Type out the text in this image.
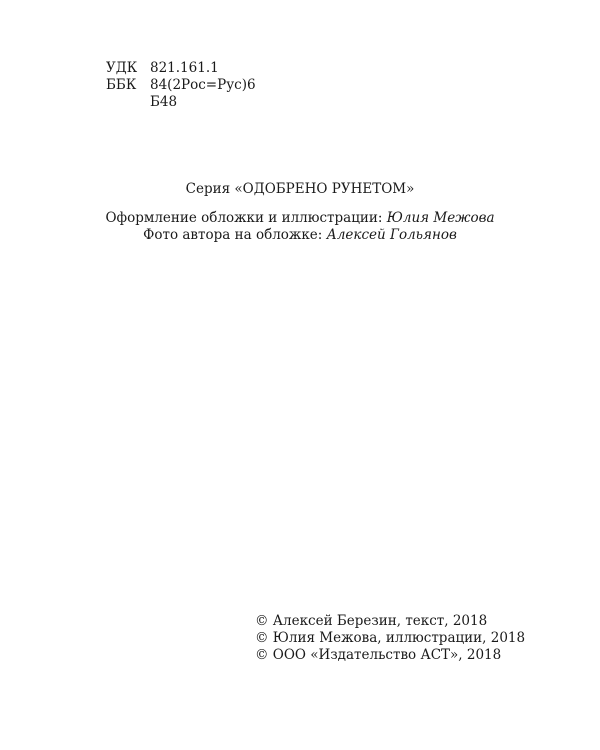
УДК 821.161.1
ББК	84(2Рос=Рус)6
Б48
Серия «ОДОБРЕНО РУНЕТОМ»
Оформление обложки и иллюстрации: Юлия Межова
Фото автора на обложке: Алексей Гольянов
© Алексей Березин, текст, 2018
© Юлия Межова, иллюстрации, 2018
© ООО «Издательство АСТ», 2018
